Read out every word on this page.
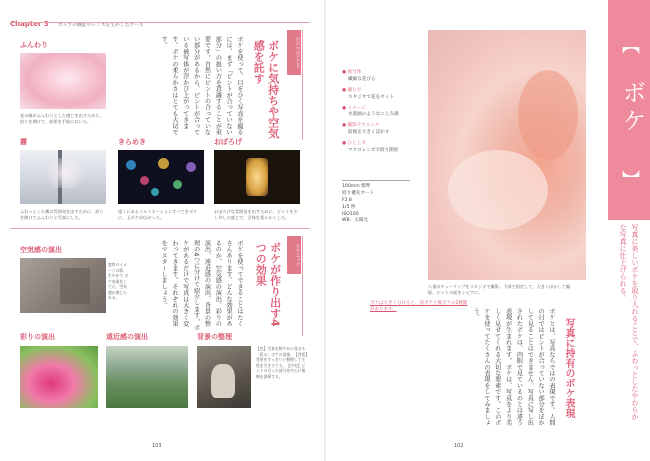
Chapter 3 カメラの機能やレンズを生かしたケース
ふんわり
花の縁がふんわりとした感じを出すために、絞りを開けて、前景を手前においた。	ボケを使って、目をひく写真を撮るには、まず「ピントが合っていない部分」の扱い方を意識することが重要です。自然にピントの合っていない部分があるから、ピントが合っている被写体が浮かび上がってきます。ボケの柔らかさはとても大切です。	ボケに気持ちや空気感を託す	目のつけどころ
霧
ふわっとした霧の雰囲気を出すために、絞りを開けてふんわりと写真にした。
きらめき
遠くにあるイルミネーションすべてをボケに。玉ボケが広がった。
おぼろげ
おぼろげな雰囲気を出すために、ピントを少し外した感じで、全体を柔らかくした。
空気感の演出
窓枠のイメージの影、生やかで ボケ表現をしてた。空気感が感じられる。	ボケを使ってできることはたくさんあります。どんな効果があるのか、空気感の演出、彩りの演出、遠近感の演出、背景の整理の4つに分けて紹介します。ボケがあるだけで写真は大きく変わってきます。それぞれの効果をマスターしましょう。	ボケが作り出す4つの効果	テクニック
彩りの演出	遠近感の演出	背景の整理
【色】写真を鮮やかに見せる「彩る」ボケの効果。【背景】背景をすっきりと整理して主役を引き立てる。【中央】ピントの合った部分を中心に視線を誘導する。
103
● 被写体
繊細な花びら
● 撮り方
スタジオで花をセット
● イメージ
水墨画のようなにじみ感
● 撮影テクニック
前後を大きくぼかす
● ひと工夫
マクロレンズで絞り開放
100mm 標準
絞り優先オート
F2.8
1/5 秒
ISO100
WB：太陽光
八重のチューリップをスタジオで撮影。下部で固定して、大きくぼかして撮影。ピントの面をシビアに。
【
ボケ
】
写真に美しいボケを取り入れることで、ふわっとしたやわらかな写真に仕上げられる。
写真に持有のボケ表現
ボケとは、写真ならではの表現です。人間の目ではピントが合っていない部分をぼかして見ることはできません。写真に写し出されたボケは、肉眼で見ているのとは違う表現が生まれます。ボケは、写真をより美しく見せてくれる大切な要素です。このボケを使ってたくさんの表現をしてみましょう。
ボケは大きく分けると、前ボケと後ボケの2種類があります。
102
